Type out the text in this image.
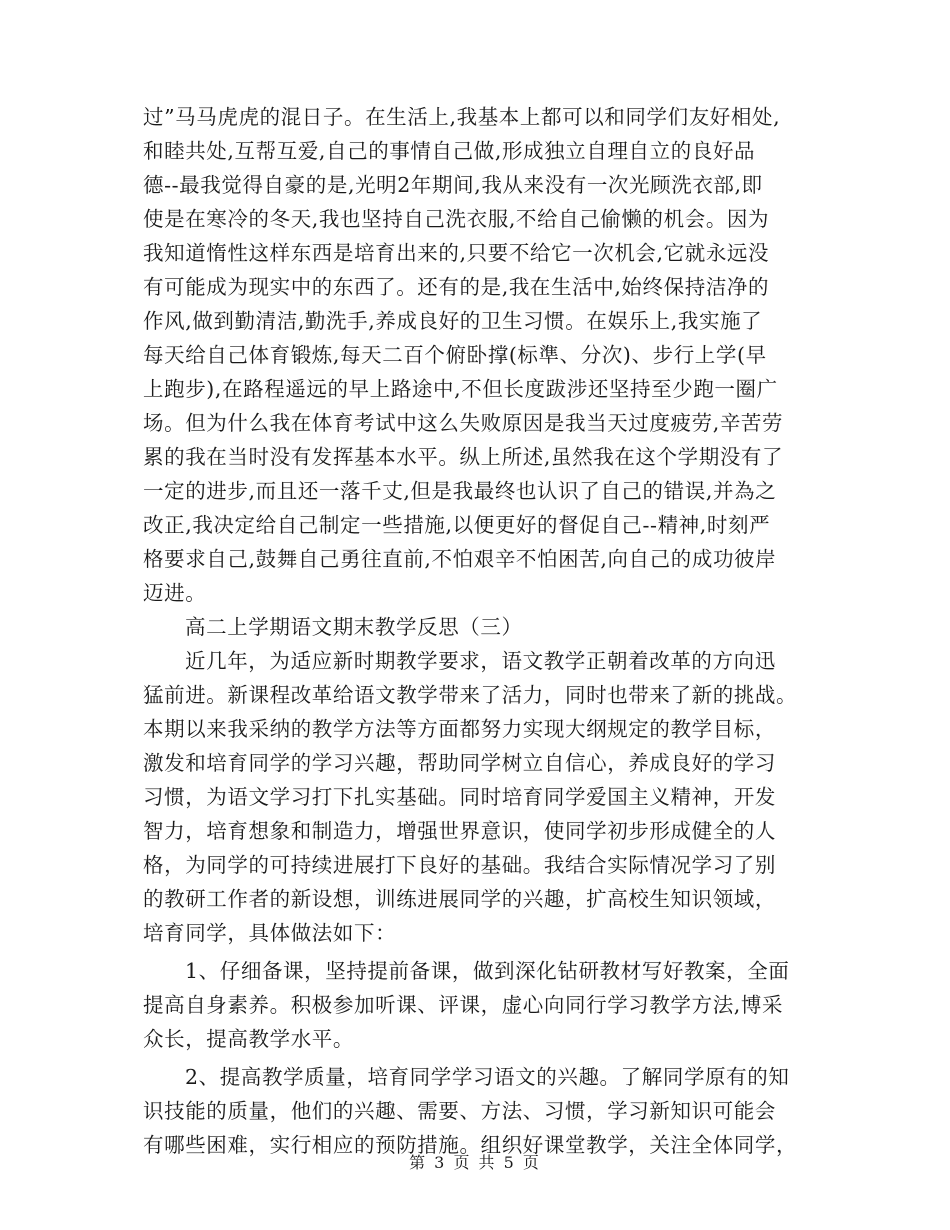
过”马马虎虎的混日子。在生活上,我基本上都可以和同学们友好相处,
和睦共处,互帮互爱,自己的事情自己做,形成独立自理自立的良好品
德--最我觉得自豪的是,光明2年期间,我从来没有一次光顾洗衣部,即
使是在寒冷的冬天,我也坚持自己洗衣服,不给自己偷懒的机会。因为
我知道惰性这样东西是培育出来的,只要不给它一次机会,它就永远没
有可能成为现实中的东西了。还有的是,我在生活中,始终保持洁净的
作风,做到勤清洁,勤洗手,养成良好的卫生习惯。在娱乐上,我实施了
每天给自己体育锻炼,每天二百个俯卧撑(标準、分次)、步行上学(早
上跑步),在路程遥远的早上路途中,不但长度跋涉还坚持至少跑一圈广
场。但为什么我在体育考试中这么失败原因是我当天过度疲劳,辛苦劳
累的我在当时没有发挥基本水平。纵上所述,虽然我在这个学期没有了
一定的进步,而且还一落千丈,但是我最终也认识了自己的错误,并為之
改正,我决定给自己制定一些措施,以便更好的督促自己--精神,时刻严
格要求自己,鼓舞自己勇往直前,不怕艰辛不怕困苦,向自己的成功彼岸
迈进。
高二上学期语文期末教学反思（三）
近几年，为适应新时期教学要求，语文教学正朝着改革的方向迅
猛前进。新课程改革给语文教学带来了活力，同时也带来了新的挑战。
本期以来我采纳的教学方法等方面都努力实现大纲规定的教学目标，
激发和培育同学的学习兴趣，帮助同学树立自信心，养成良好的学习
习惯，为语文学习打下扎实基础。同时培育同学爱国主义精神，开发
智力，培育想象和制造力，增强世界意识，使同学初步形成健全的人
格，为同学的可持续进展打下良好的基础。我结合实际情况学习了别
的教研工作者的新设想，训练进展同学的兴趣，扩高校生知识领域，
培育同学，具体做法如下：
1、仔细备课，坚持提前备课，做到深化钻研教材写好教案，全面
提高自身素养。积极参加听课、评课，虚心向同行学习教学方法,博采
众长，提高教学水平。
2、提高教学质量，培育同学学习语文的兴趣。了解同学原有的知
识技能的质量，他们的兴趣、需要、方法、习惯，学习新知识可能会
有哪些困难，实行相应的预防措施。组织好课堂教学，关注全体同学，
第 3 页 共 5 页
